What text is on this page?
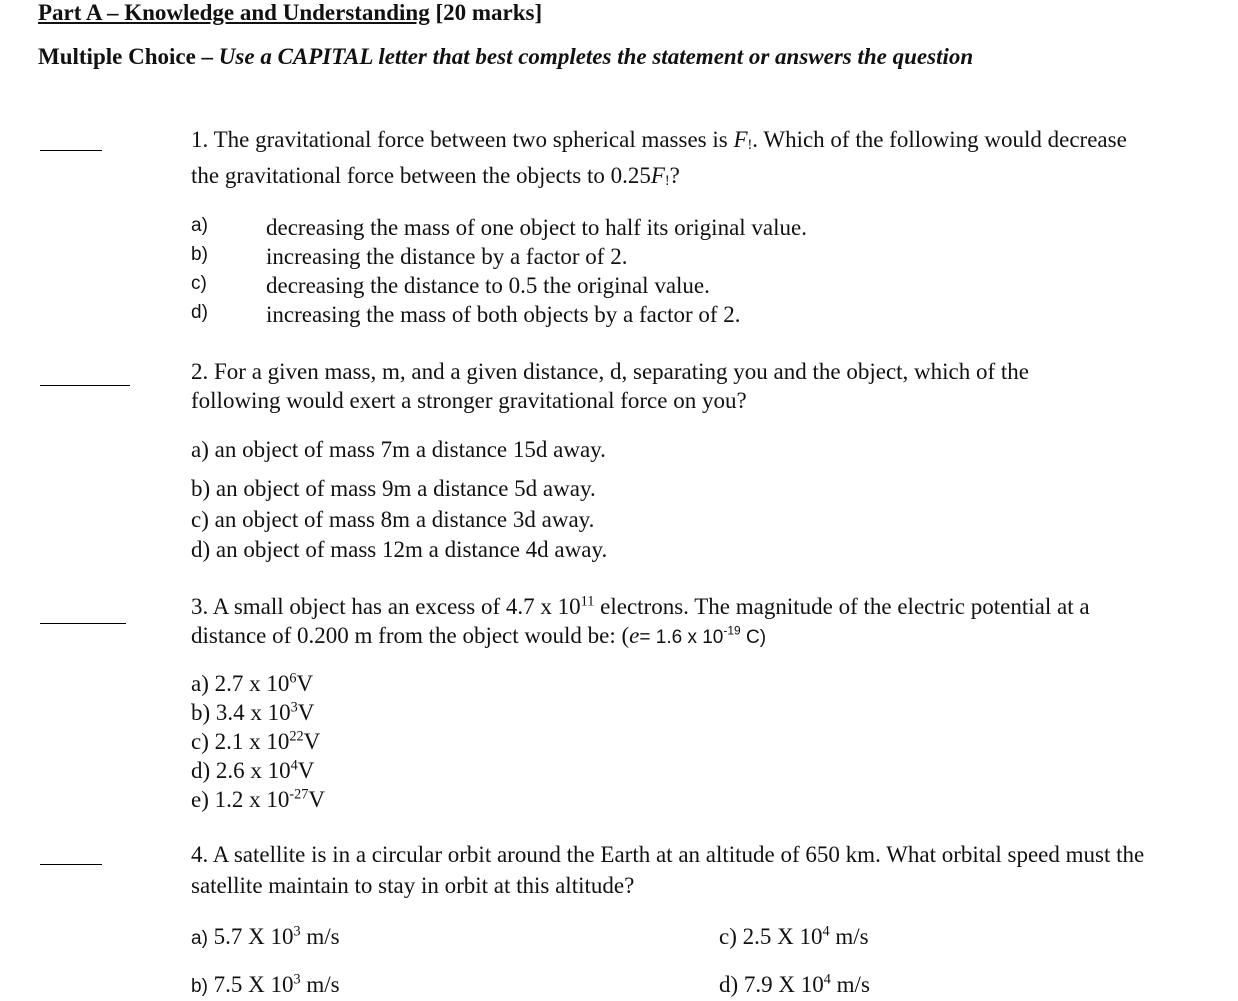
Part A – Knowledge and Understanding [20 marks]
Multiple Choice – Use a CAPITAL letter that best completes the statement or answers the question
1. The gravitational force between two spherical masses is $F_!$. Which of the following would decrease
the gravitational force between the objects to $0.25F_!$?
a)	decreasing the mass of one object to half its original value.
b)	increasing the distance by a factor of 2.
c)	decreasing the distance to 0.5 the original value.
d)	increasing the mass of both objects by a factor of 2.
2. For a given mass, m, and a given distance, d, separating you and the object, which of the
following would exert a stronger gravitational force on you?
a) an object of mass 7m a distance 15d away.
b) an object of mass 9m a distance 5d away.
c) an object of mass 8m a distance 3d away.
d) an object of mass 12m a distance 4d away.
3. A small object has an excess of 4.7 x $10^{11}$ electrons. The magnitude of the electric potential at a
distance of 0.200 m from the object would be: (e= 1.6 x $10^{-19}$ C)
a) 2.7 x $10^6V$
b) 3.4 x $10^3V$
c) 2.1 x $10^{22}V$
d) 2.6 x $10^4V$
e) 1.2 x $10^{-27}V$
4. A satellite is in a circular orbit around the Earth at an altitude of 650 km. What orbital speed must the
satellite maintain to stay in orbit at this altitude?
a) 5.7 X $10^3$ m/s
b) 7.5 X $10^3$ m/s
c) 2.5 X $10^4$ m/s
d) 7.9 X $10^4$ m/s
